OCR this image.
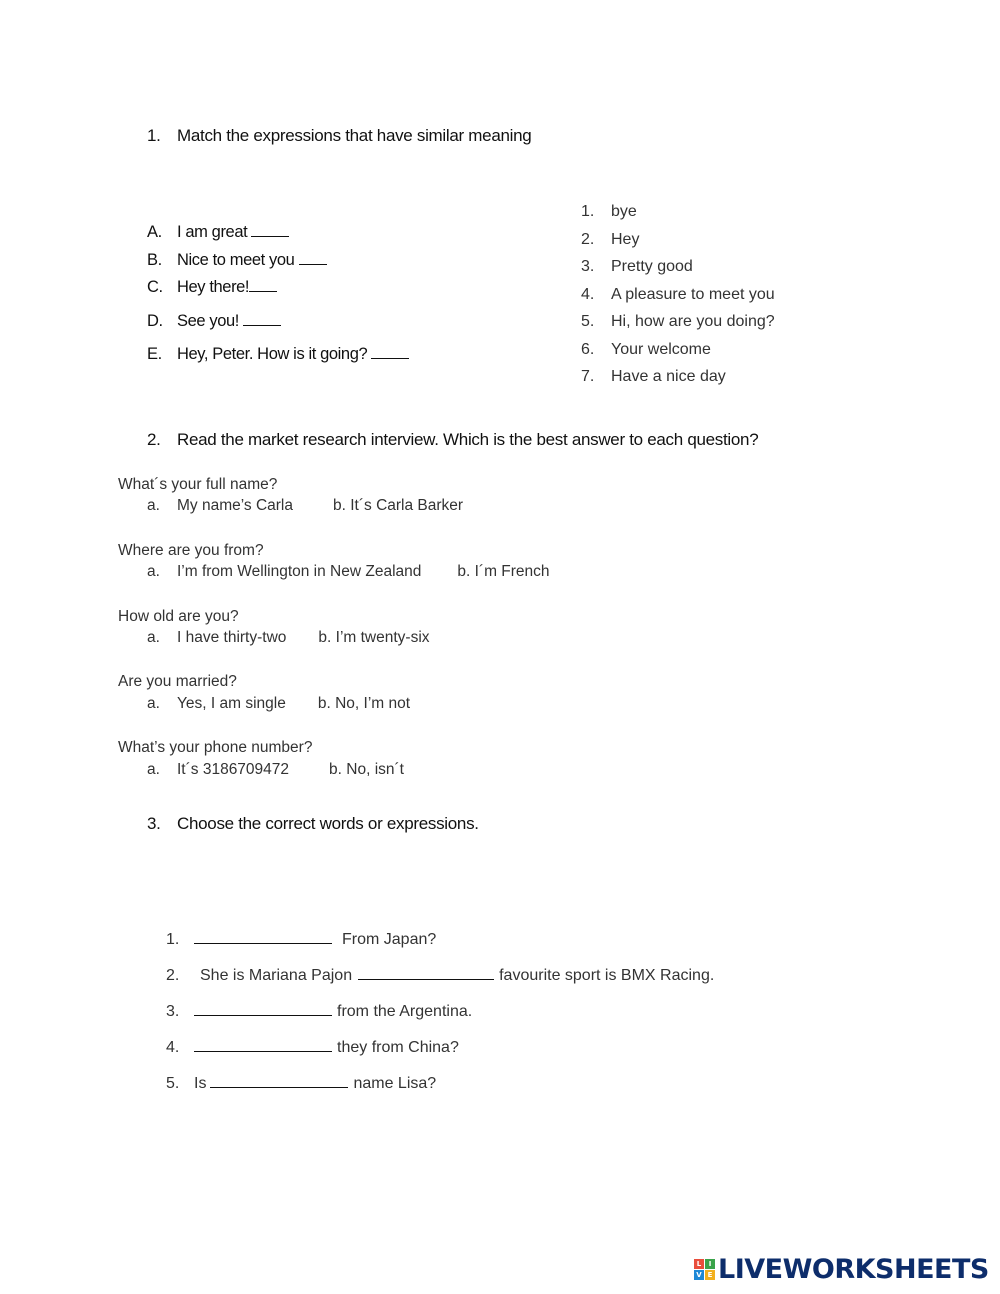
1. Match the expressions that have similar meaning
A. I am great
B. Nice to meet you
C. Hey there!
D. See you!
E. Hey, Peter. How is it going?
1. bye
2. Hey
3. Pretty good
4. A pleasure to meet you
5. Hi, how are you doing?
6. Your welcome
7. Have a nice day
2. Read the market research interview. Which is the best answer to each question?
What´s your full name?
a. My name’s Carla	b. It´s Carla Barker
Where are you from?
a. I’m from Wellington in New Zealand b. I´m French
How old are you?
a. I have thirty-two b. I’m twenty-six
Are you married?
a. Yes, I am single b. No, I’m not
What’s your phone number?
a. It´s 3186709472	b. No, isn´t
3. Choose the correct words or expressions.
1.	From Japan?
2. She is Mariana Pajon	favourite sport is BMX Racing.
3.	from the Argentina.
4.	they from China?
5. Is	name Lisa?
L	I
V E LIVEWORKSHEETS
